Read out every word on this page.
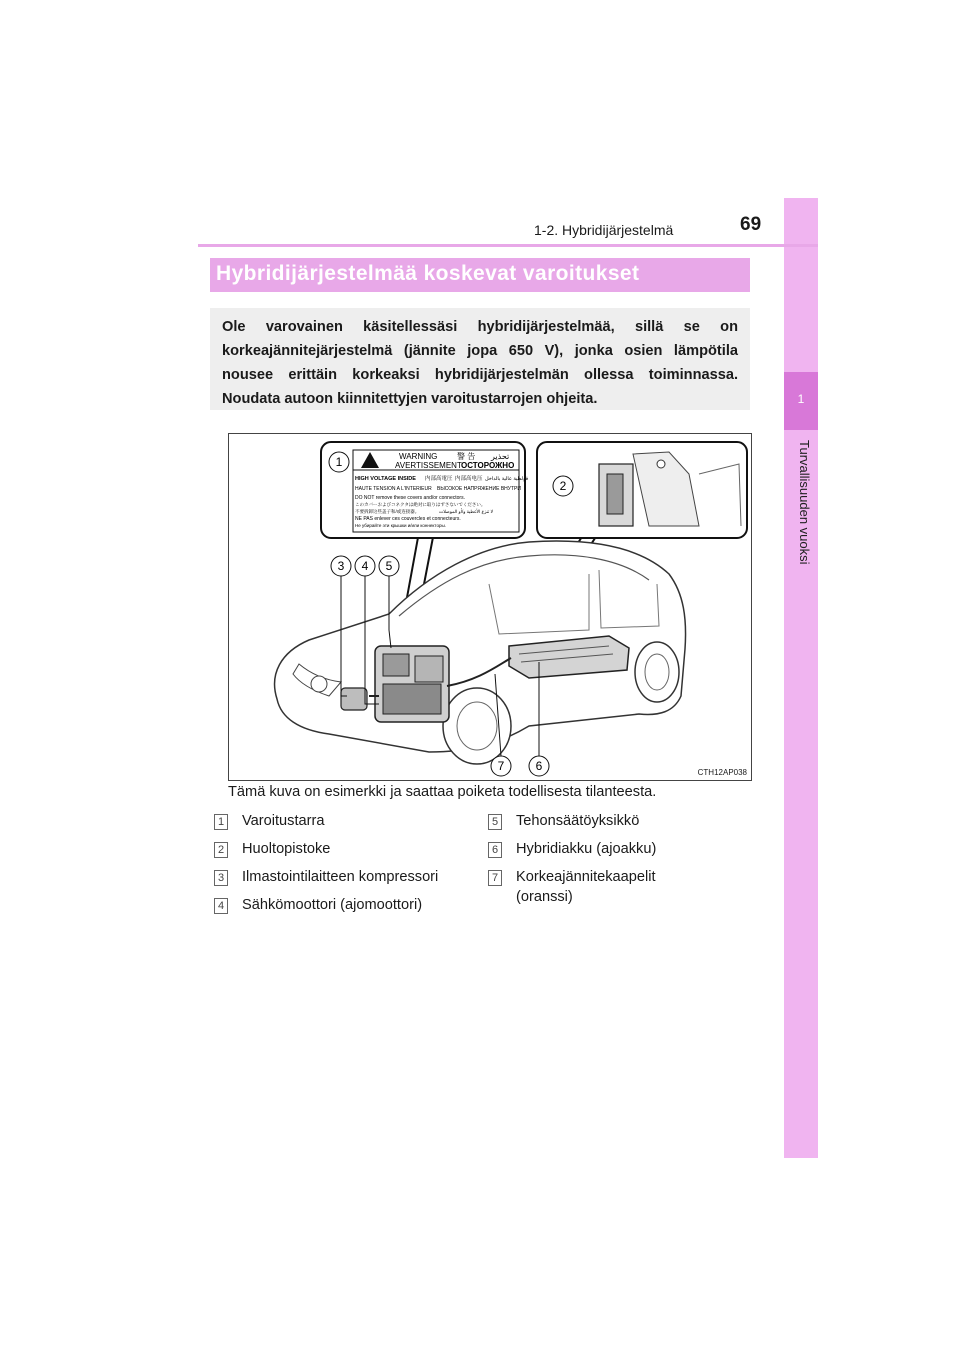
1
Turvallisuuden vuoksi
1-2. Hybridijärjestelmä	69
Hybridijärjestelmää koskevat varoitukset
Ole varovainen käsitellessäsi hybridijärjestelmää, sillä se on korkeajännitejärjestelmä (jännite jopa 650 V), jonka osien lämpötila nousee erittäin korkeaksi hybridijärjestelmän ollessa toiminnassa. Noudata autoon kiinnitettyjen varoitustarrojen ohjeita.
WARNING 警 告 تحذير
AVERTISSEMENT ОСТОРОЖНО
HIGH VOLTAGE INSIDE 内部高電圧 内部高电压 فولطية عالية بالداخل
HAUTE TENSION A L'INTERIEUR ВЫСОКОЕ НАПРЯЖЕНИЕ ВНУТРИ
DO NOT remove these covers and/or connectors.
このカバーおよびコネクタは絶対に取りはずさないでください。
不要拆卸这些盖子和/或连接器。	لا تنزع الأغطية و/أو الموصلات
NE PAS enlever ces couvercles et connecteurs.
Не убирайте эти крышки и/или коннекторы.
1
2
3 4 5
6
7	CTH12AP038
Tämä kuva on esimerkki ja saattaa poiketa todellisesta tilanteesta.
1 Varoitustarra
2 Huoltopistoke
3 Ilmastointilaitteen kompressori
4 Sähkömoottori (ajomoottori)
5 Tehonsäätöyksikkö
6 Hybridiakku (ajoakku)
7 Korkeajännitekaapelit
(oranssi)
